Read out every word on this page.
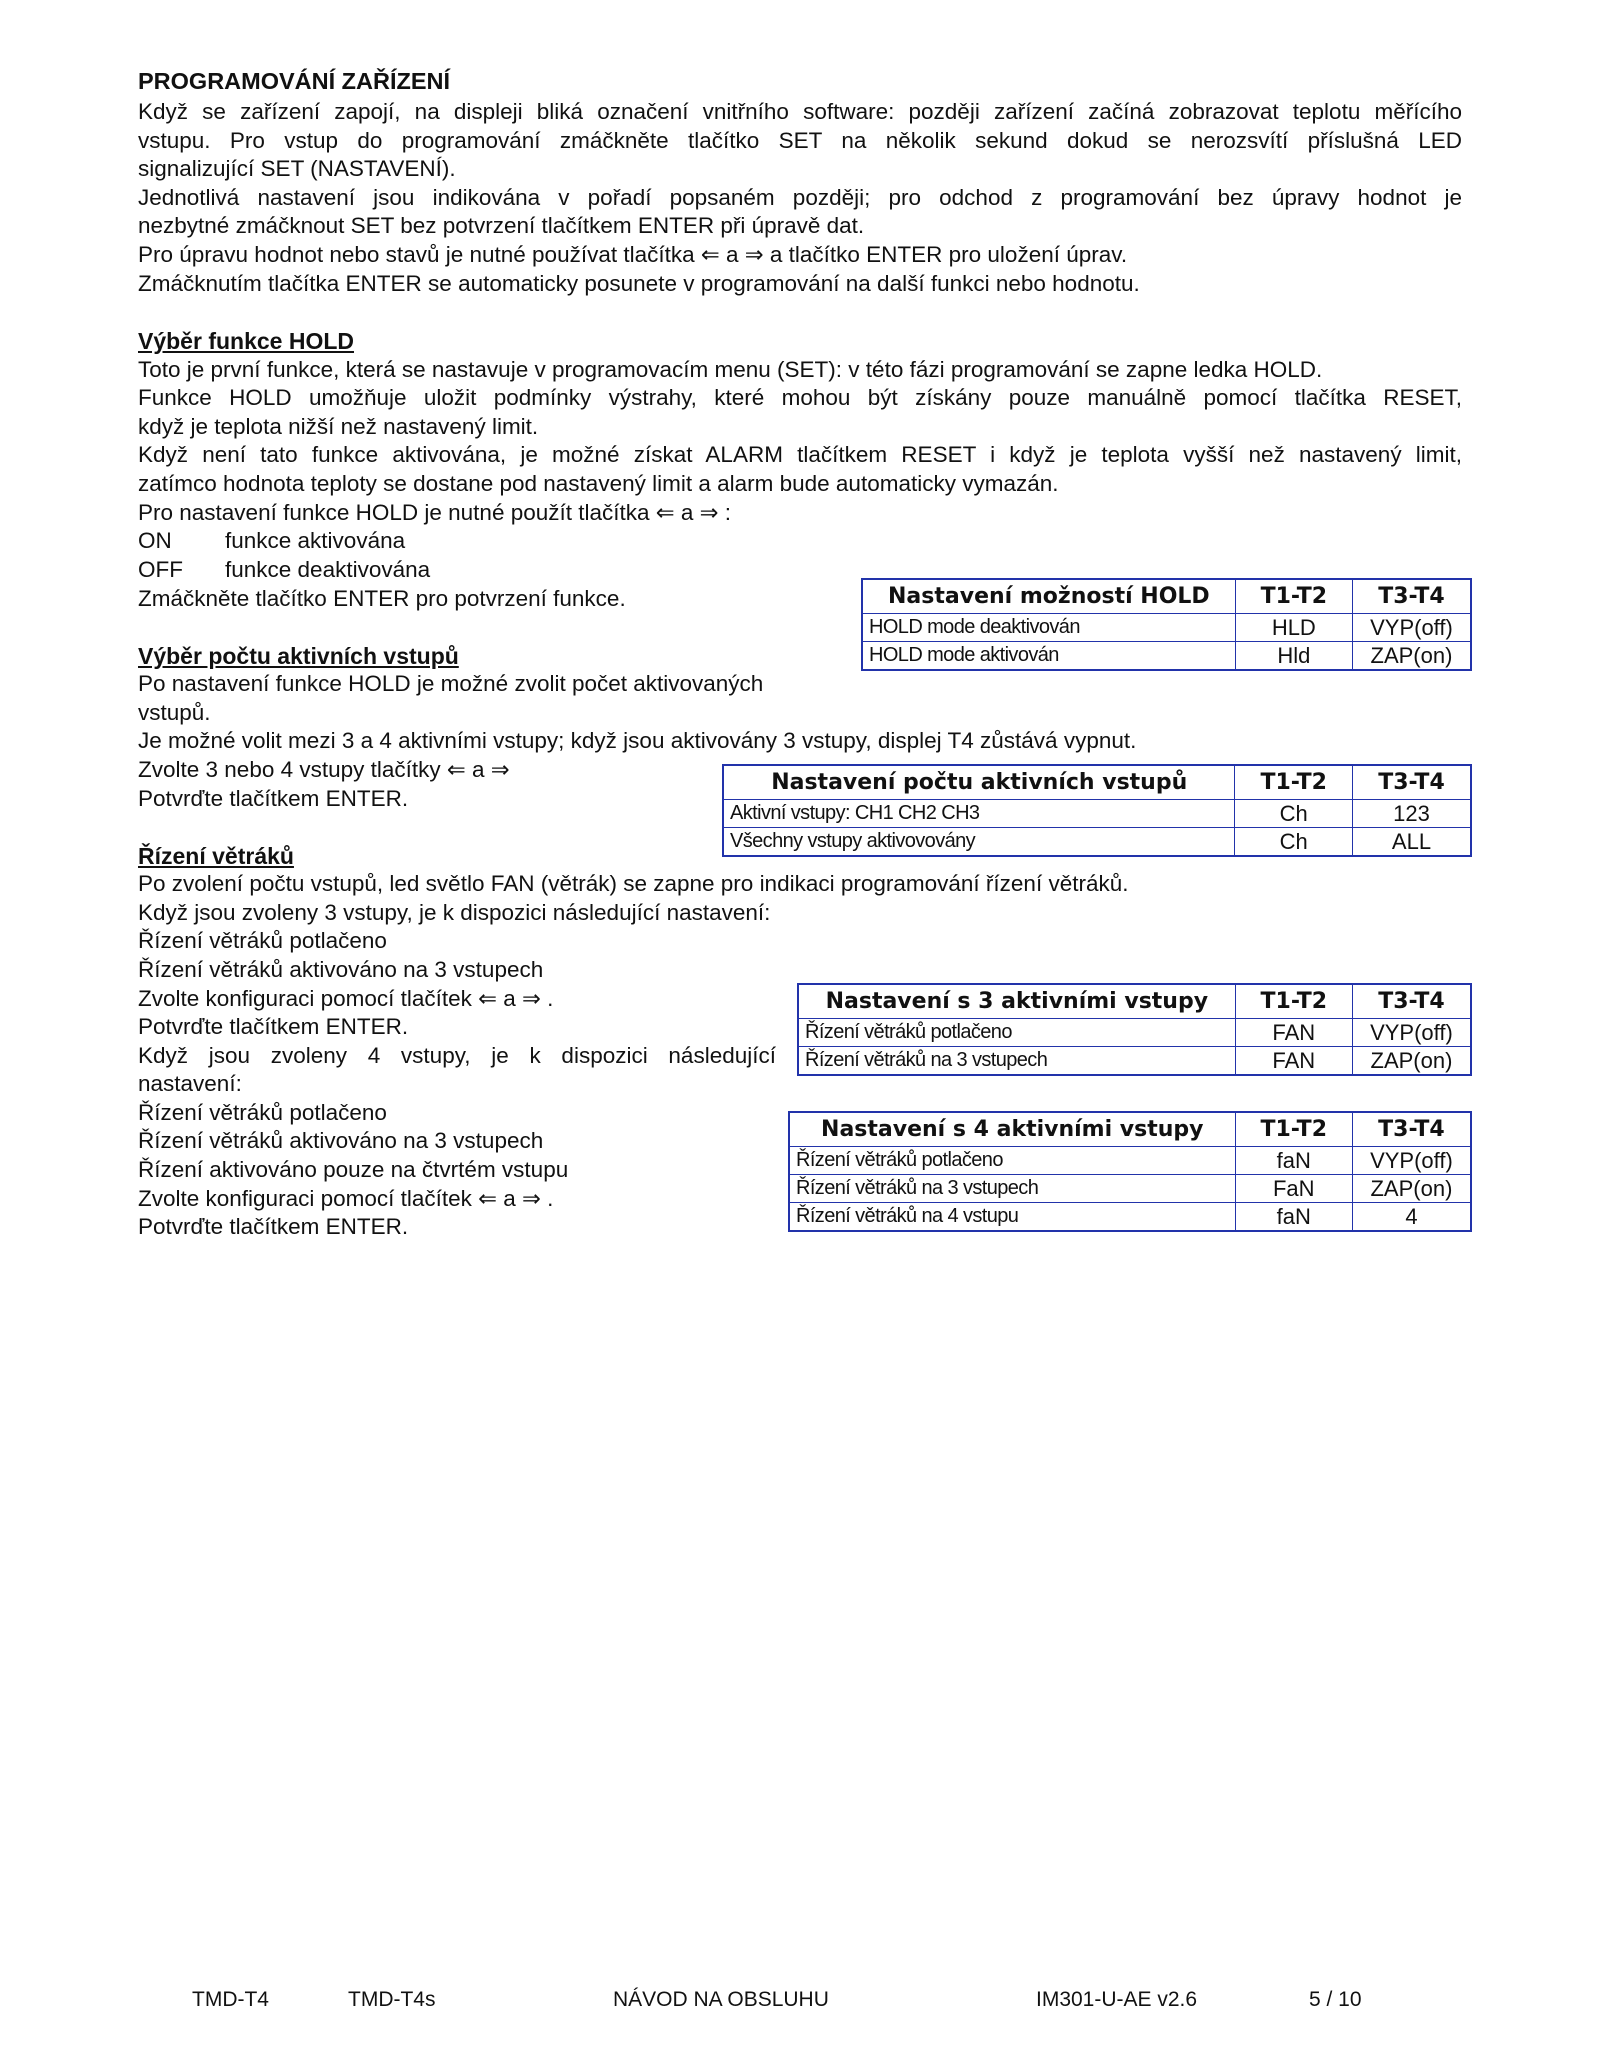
PROGRAMOVÁNÍ ZAŘÍZENÍ
Když se zařízení zapojí, na displeji bliká označení vnitřního software: později zařízení začíná zobrazovat teplotu měřícího
vstupu. Pro vstup do programování zmáčkněte tlačítko SET na několik sekund dokud se nerozsvítí příslušná LED
signalizující SET (NASTAVENÍ).
Jednotlivá nastavení jsou indikována v pořadí popsaném později; pro odchod z programování bez úpravy hodnot je
nezbytné zmáčknout SET bez potvrzení tlačítkem ENTER při úpravě dat.
Pro úpravu hodnot nebo stavů je nutné používat tlačítka ⇐ a ⇒ a tlačítko ENTER pro uložení úprav.
Zmáčknutím tlačítka ENTER se automaticky posunete v programování na další funkci nebo hodnotu.
Výběr funkce HOLD
Toto je první funkce, která se nastavuje v programovacím menu (SET): v této fázi programování se zapne ledka HOLD.
Funkce HOLD umožňuje uložit podmínky výstrahy, které mohou být získány pouze manuálně pomocí tlačítka RESET,
když je teplota nižší než nastavený limit.
Když není tato funkce aktivována, je možné získat ALARM tlačítkem RESET i když je teplota vyšší než nastavený limit,
zatímco hodnota teploty se dostane pod nastavený limit a alarm bude automaticky vymazán.
Pro nastavení funkce HOLD je nutné použít tlačítka ⇐ a ⇒ :
ON funkce aktivována
OFF funkce deaktivována
Zmáčkněte tlačítko ENTER pro potvrzení funkce.
Výběr počtu aktivních vstupů
Po nastavení funkce HOLD je možné zvolit počet aktivovaných
vstupů.
Je možné volit mezi 3 a 4 aktivními vstupy; když jsou aktivovány 3 vstupy, displej T4 zůstává vypnut.
Zvolte 3 nebo 4 vstupy tlačítky ⇐ a ⇒
Potvrďte tlačítkem ENTER.
Řízení větráků
Po zvolení počtu vstupů, led světlo FAN (větrák) se zapne pro indikaci programování řízení větráků.
Když jsou zvoleny 3 vstupy, je k dispozici následující nastavení:
Řízení větráků potlačeno
Řízení větráků aktivováno na 3 vstupech
Zvolte konfiguraci pomocí tlačítek ⇐ a ⇒ .
Potvrďte tlačítkem ENTER.
Když jsou zvoleny 4 vstupy, je k dispozici následující
nastavení:
Řízení větráků potlačeno
Řízení větráků aktivováno na 3 vstupech
Řízení aktivováno pouze na čtvrtém vstupu
Zvolte konfiguraci pomocí tlačítek ⇐ a ⇒ .
Potvrďte tlačítkem ENTER.
Nastavení možností HOLD	T1-T2	T3-T4
HOLD mode deaktivován	HLD	VYP(off)
HOLD mode aktivován	Hld	ZAP(on)
Nastavení počtu aktivních vstupů	T1-T2	T3-T4
Aktivní vstupy: CH1 CH2 CH3	Ch	123
Všechny vstupy aktivovovány	Ch	ALL
Nastavení s 3 aktivními vstupy	T1-T2	T3-T4
Řízení větráků potlačeno	FAN	VYP(off)
Řízení větráků na 3 vstupech	FAN	ZAP(on)
Nastavení s 4 aktivními vstupy	T1-T2	T3-T4
Řízení větráků potlačeno	faN	VYP(off)
Řízení větráků na 3 vstupech	FaN	ZAP(on)
Řízení větráků na 4 vstupu	faN	4
TMD-T4	TMD-T4s	NÁVOD NA OBSLUHU	IM301-U-AE v2.6	5 / 10
